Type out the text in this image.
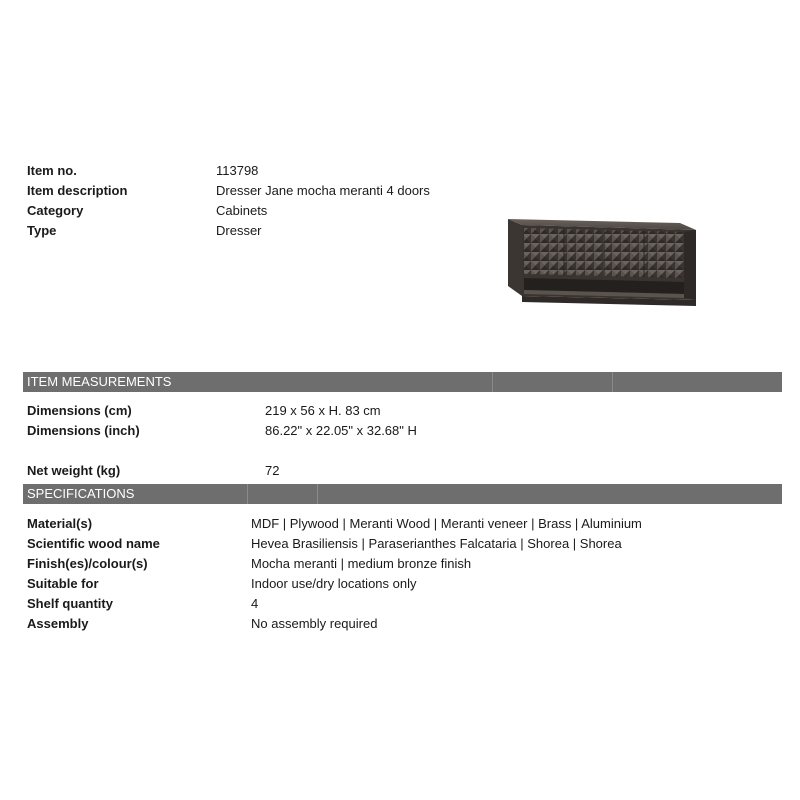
Item no.	113798
Item description	Dresser Jane mocha meranti 4 doors
Category	Cabinets
Type	Dresser
ITEM MEASUREMENTS
Dimensions (cm)	219 x 56 x H. 83 cm
Dimensions (inch)	86.22" x 22.05" x 32.68" H
Net weight (kg)	72
SPECIFICATIONS
Material(s)	MDF | Plywood | Meranti Wood | Meranti veneer | Brass | Aluminium
Scientific wood name	Hevea Brasiliensis | Paraserianthes Falcataria | Shorea | Shorea
Finish(es)/colour(s)	Mocha meranti | medium bronze finish
Suitable for	Indoor use/dry locations only
Shelf quantity	4
Assembly	No assembly required
